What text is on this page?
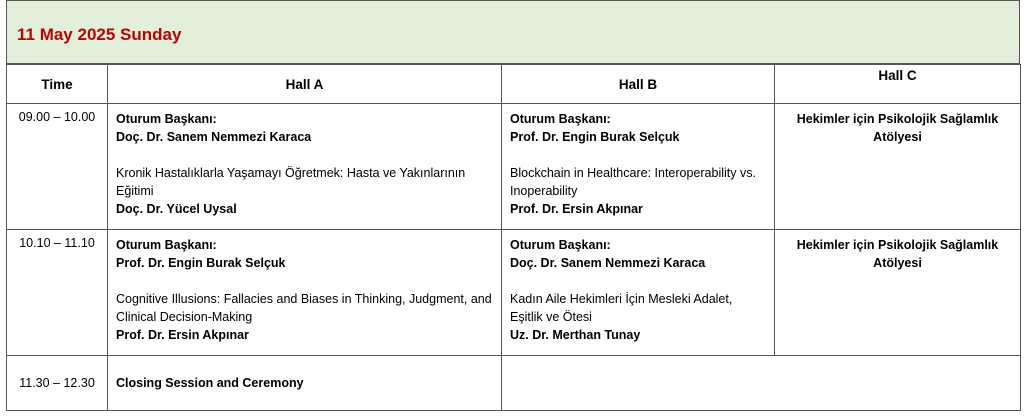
11 May 2025 Sunday
Time	Hall A	Hall B	Hall C
09.00 – 10.00	Oturum Başkanı:
Doç. Dr. Sanem Nemmezi Karaca
Kronik Hastalıklarla Yaşamayı Öğretmek: Hasta ve Yakınlarının Eğitimi
Doç. Dr. Yücel Uysal	Oturum Başkanı:
Prof. Dr. Engin Burak Selçuk
Blockchain in Healthcare: Interoperability vs. Inoperability
Prof. Dr. Ersin Akpınar	Hekimler için Psikolojik Sağlamlık Atölyesi
10.10 – 11.10	Oturum Başkanı:
Prof. Dr. Engin Burak Selçuk
Cognitive Illusions: Fallacies and Biases in Thinking, Judgment, and Clinical Decision-Making
Prof. Dr. Ersin Akpınar	Oturum Başkanı:
Doç. Dr. Sanem Nemmezi Karaca
Kadın Aile Hekimleri İçin Mesleki Adalet, Eşitlik ve Ötesi
Uz. Dr. Merthan Tunay	Hekimler için Psikolojik Sağlamlık Atölyesi
11.30 – 12.30	Closing Session and Ceremony		
